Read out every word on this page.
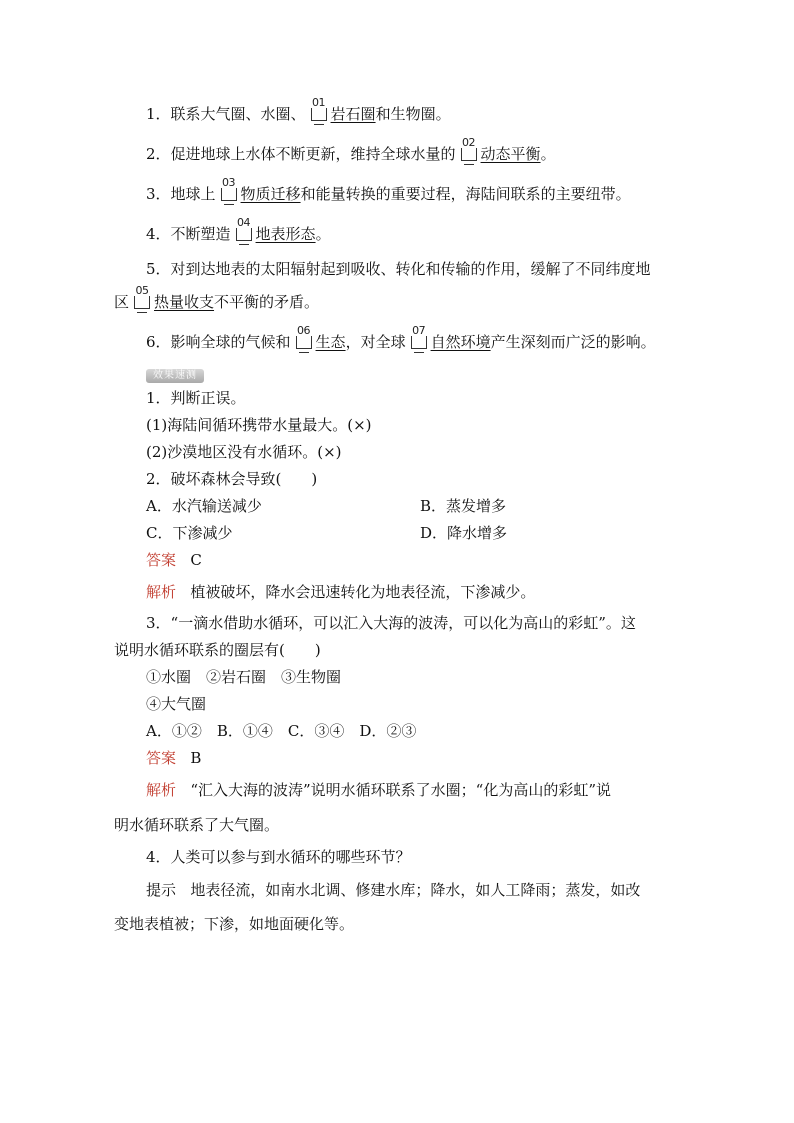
1．联系大气圈、水圈、
01
岩石圈和生物圈。
2．促进地球上水体不断更新，维持全球水量的
02
动态平衡。
3．地球上
03
物质迁移和能量转换的重要过程，海陆间联系的主要纽带。
4．不断塑造
04
地表形态。
5．对到达地表的太阳辐射起到吸收、转化和传输的作用，缓解了不同纬度地
区
05
热量收支不平衡的矛盾。
6．影响全球的气候和
06
生态，对全球
07
自然环境产生深刻而广泛的影响。
效果速测
1．判断正误。
(1)海陆间循环携带水量最大。(×)
(2)沙漠地区没有水循环。(×)
2．破坏森林会导致(　　)
A．水汽输送减少	B．蒸发增多
C．下渗减少	D．降水增多
答案 C
解析 植被破坏，降水会迅速转化为地表径流，下渗减少。
3．“一滴水借助水循环，可以汇入大海的波涛，可以化为高山的彩虹”。这
说明水循环联系的圈层有(　　)
①水圈　②岩石圈　③生物圈
④大气圈
A．①②　B．①④　C．③④　D．②③
答案 B
解析 “汇入大海的波涛”说明水循环联系了水圈；“化为高山的彩虹”说
明水循环联系了大气圈。
4．人类可以参与到水循环的哪些环节？
提示 地表径流，如南水北调、修建水库；降水，如人工降雨；蒸发，如改
变地表植被；下渗，如地面硬化等。
